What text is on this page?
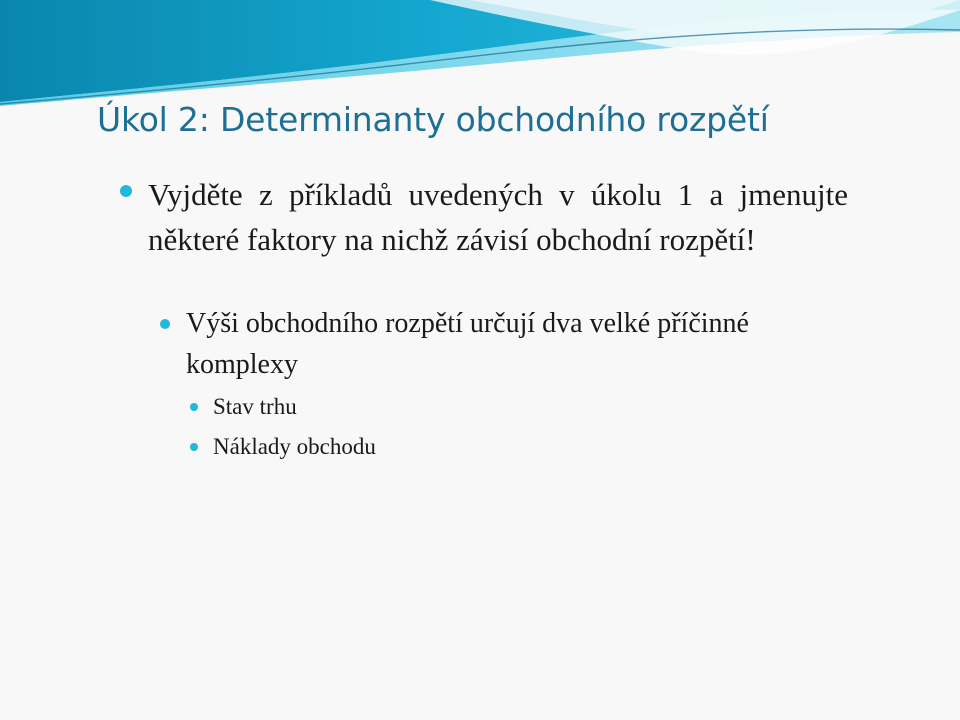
Úkol 2: Determinanty obchodního rozpětí

Vyjděte z příkladů uvedených v úkolu 1 a jmenujte některé faktory na nichž závisí obchodní rozpětí!

Výši obchodního rozpětí určují dva velké příčinné komplexy

Stav trhu

Náklady obchodu
